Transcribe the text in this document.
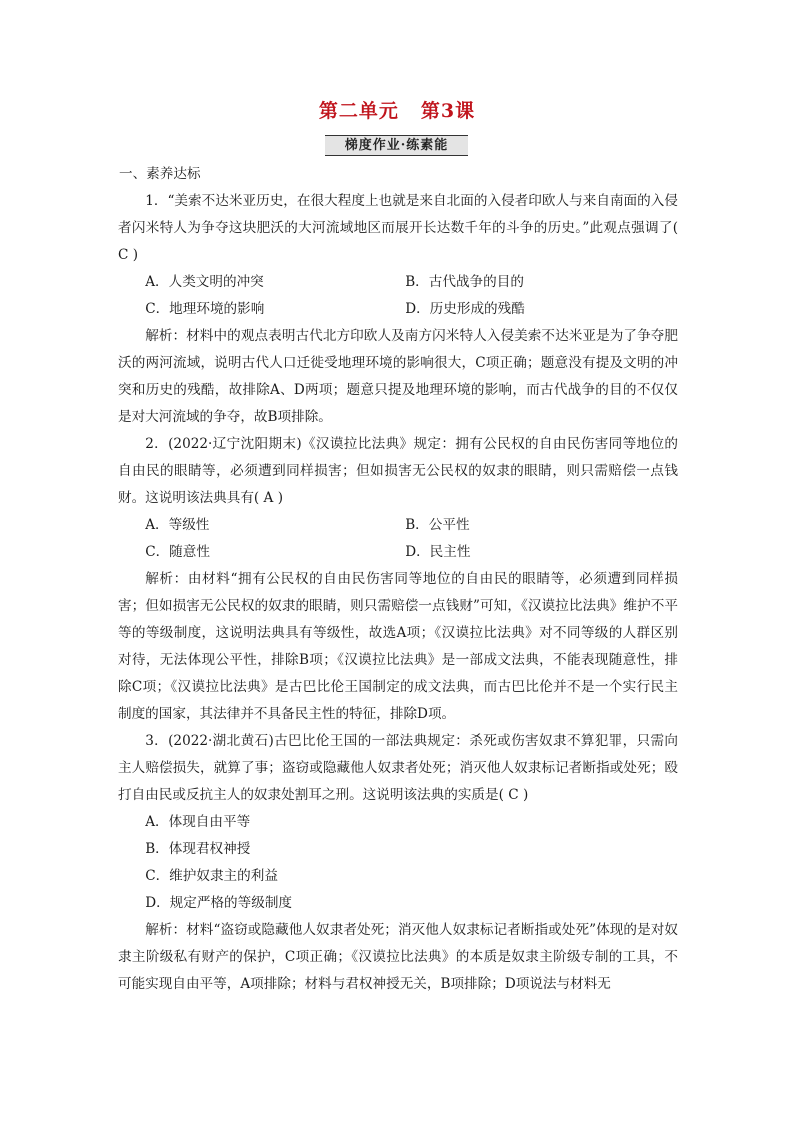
第二单元 第3课
梯度作业·练素能

一、素养达标

1．“美索不达米亚历史，在很大程度上也就是来自北面的入侵者印欧人与来自南面的入侵者闪米特人为争夺这块肥沃的大河流域地区而展开长达数千年的斗争的历史。”此观点强调了( C )

A．人类文明的冲突	B．古代战争的目的
C．地理环境的影响	D．历史形成的残酷

解析：材料中的观点表明古代北方印欧人及南方闪米特人入侵美索不达米亚是为了争夺肥沃的两河流域，说明古代人口迁徙受地理环境的影响很大，C项正确；题意没有提及文明的冲突和历史的残酷，故排除A、D两项；题意只提及地理环境的影响，而古代战争的目的不仅仅是对大河流域的争夺，故B项排除。

2．(2022·辽宁沈阳期末)《汉谟拉比法典》规定：拥有公民权的自由民伤害同等地位的自由民的眼睛等，必须遭到同样损害；但如损害无公民权的奴隶的眼睛，则只需赔偿一点钱财。这说明该法典具有( A )

A．等级性	B．公平性
C．随意性	D．民主性

解析：由材料“拥有公民权的自由民伤害同等地位的自由民的眼睛等，必须遭到同样损害；但如损害无公民权的奴隶的眼睛，则只需赔偿一点钱财”可知，《汉谟拉比法典》维护不平等的等级制度，这说明法典具有等级性，故选A项；《汉谟拉比法典》对不同等级的人群区别对待，无法体现公平性，排除B项；《汉谟拉比法典》是一部成文法典，不能表现随意性，排除C项；《汉谟拉比法典》是古巴比伦王国制定的成文法典，而古巴比伦并不是一个实行民主制度的国家，其法律并不具备民主性的特征，排除D项。

3．(2022·湖北黄石)古巴比伦王国的一部法典规定：杀死或伤害奴隶不算犯罪，只需向主人赔偿损失，就算了事；盗窃或隐藏他人奴隶者处死；消灭他人奴隶标记者断指或处死；殴打自由民或反抗主人的奴隶处割耳之刑。这说明该法典的实质是( C )

A．体现自由平等

B．体现君权神授

C．维护奴隶主的利益

D．规定严格的等级制度

解析：材料“盗窃或隐藏他人奴隶者处死；消灭他人奴隶标记者断指或处死”体现的是对奴隶主阶级私有财产的保护，C项正确；《汉谟拉比法典》的本质是奴隶主阶级专制的工具，不可能实现自由平等，A项排除；材料与君权神授无关，B项排除；D项说法与材料无
